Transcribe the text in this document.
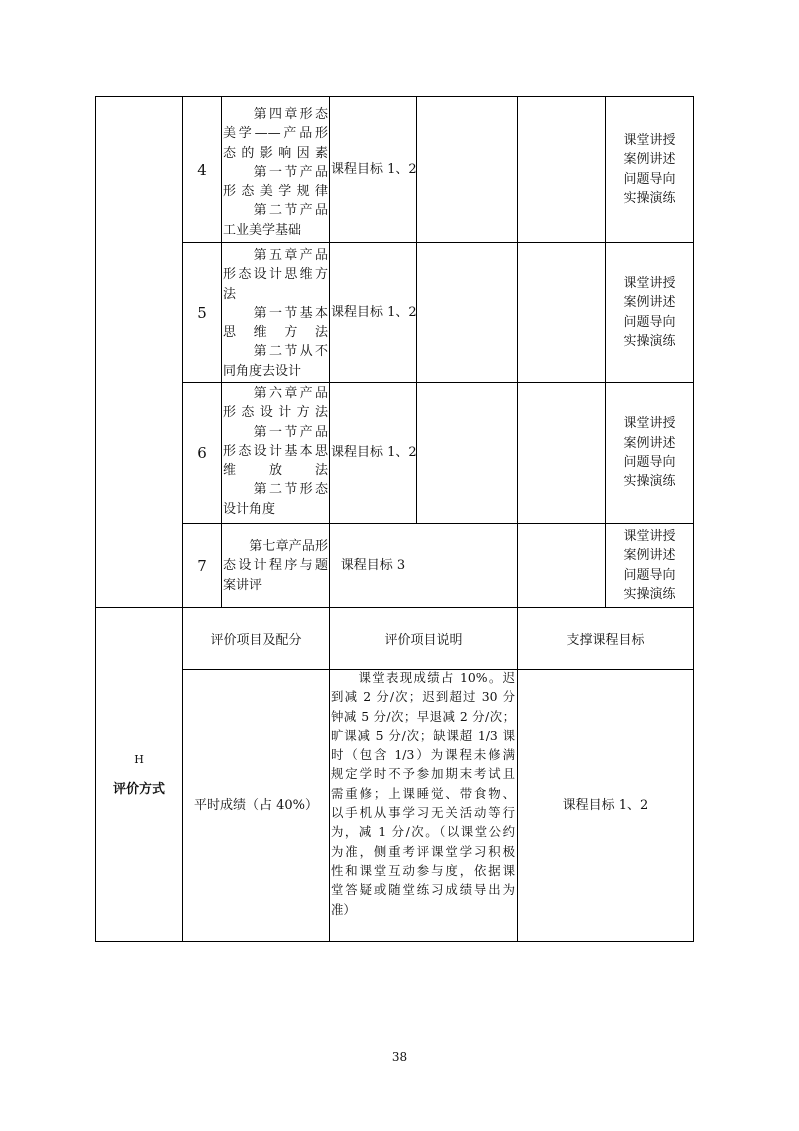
4
　　第四章形态
美学——产品形
态的影响因素
　　第一节产品
形态美学规律
　　第二节产品
工业美学基础
课程目标 1、2
课堂讲授
案例讲述
问题导向
实操演练
5
　　第五章产品
形态设计思维方
法
　　第一节基本
思维方法
　　第二节从不
同角度去设计
课程目标 1、2
课堂讲授
案例讲述
问题导向
实操演练
6
　　第六章产品
形态设计方法
　　第一节产品
形态设计基本思
维放法
　　第二节形态
设计角度
课程目标 1、2
课堂讲授
案例讲述
问题导向
实操演练
7
　　第七章产品形
态设计程序与题
案讲评
课程目标 3
课堂讲授
案例讲述
问题导向
实操演练
H
评价方式
评价项目及配分	评价项目说明	支撑课程目标
平时成绩（占 40%）
　　课堂表现成绩占 10%。迟
到减 2 分/次；迟到超过 30 分
钟减 5 分/次；早退减 2 分/次；
旷课减 5 分/次；缺课超 1/3 课
时（包含 1/3）为课程未修满
规定学时不予参加期末考试且
需重修；上课睡觉、带食物、
以手机从事学习无关活动等行
为，减 1 分/次。（以课堂公约
为准，侧重考评课堂学习积极
性和课堂互动参与度，依据课
堂答疑或随堂练习成绩导出为
准）
课程目标 1、2
38
